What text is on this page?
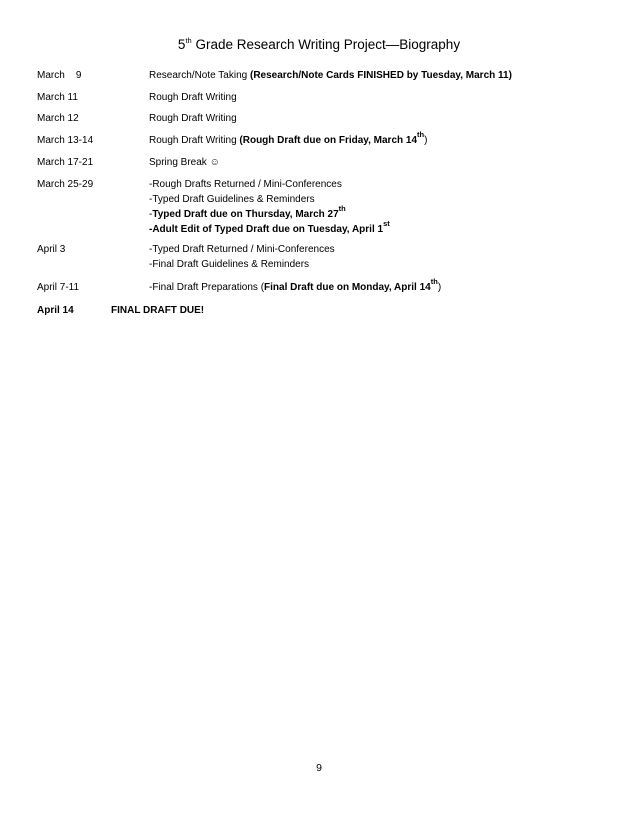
5th Grade Research Writing Project—Biography
March    9	Research/Note Taking (Research/Note Cards FINISHED by Tuesday, March 11)
March 11	Rough Draft Writing
March 12	Rough Draft Writing
March 13-14	Rough Draft Writing (Rough Draft due on Friday, March 14th)
March 17-21	Spring Break ☺
March 25-29	-Rough Drafts Returned / Mini-Conferences
-Typed Draft Guidelines & Reminders
-Typed Draft due on Thursday, March 27th
-Adult Edit of Typed Draft due on Tuesday, April 1st
April 3	-Typed Draft Returned / Mini-Conferences
-Final Draft Guidelines & Reminders
April 7-11	-Final Draft Preparations (Final Draft due on Monday, April 14th)
April 14	FINAL DRAFT DUE!
9
